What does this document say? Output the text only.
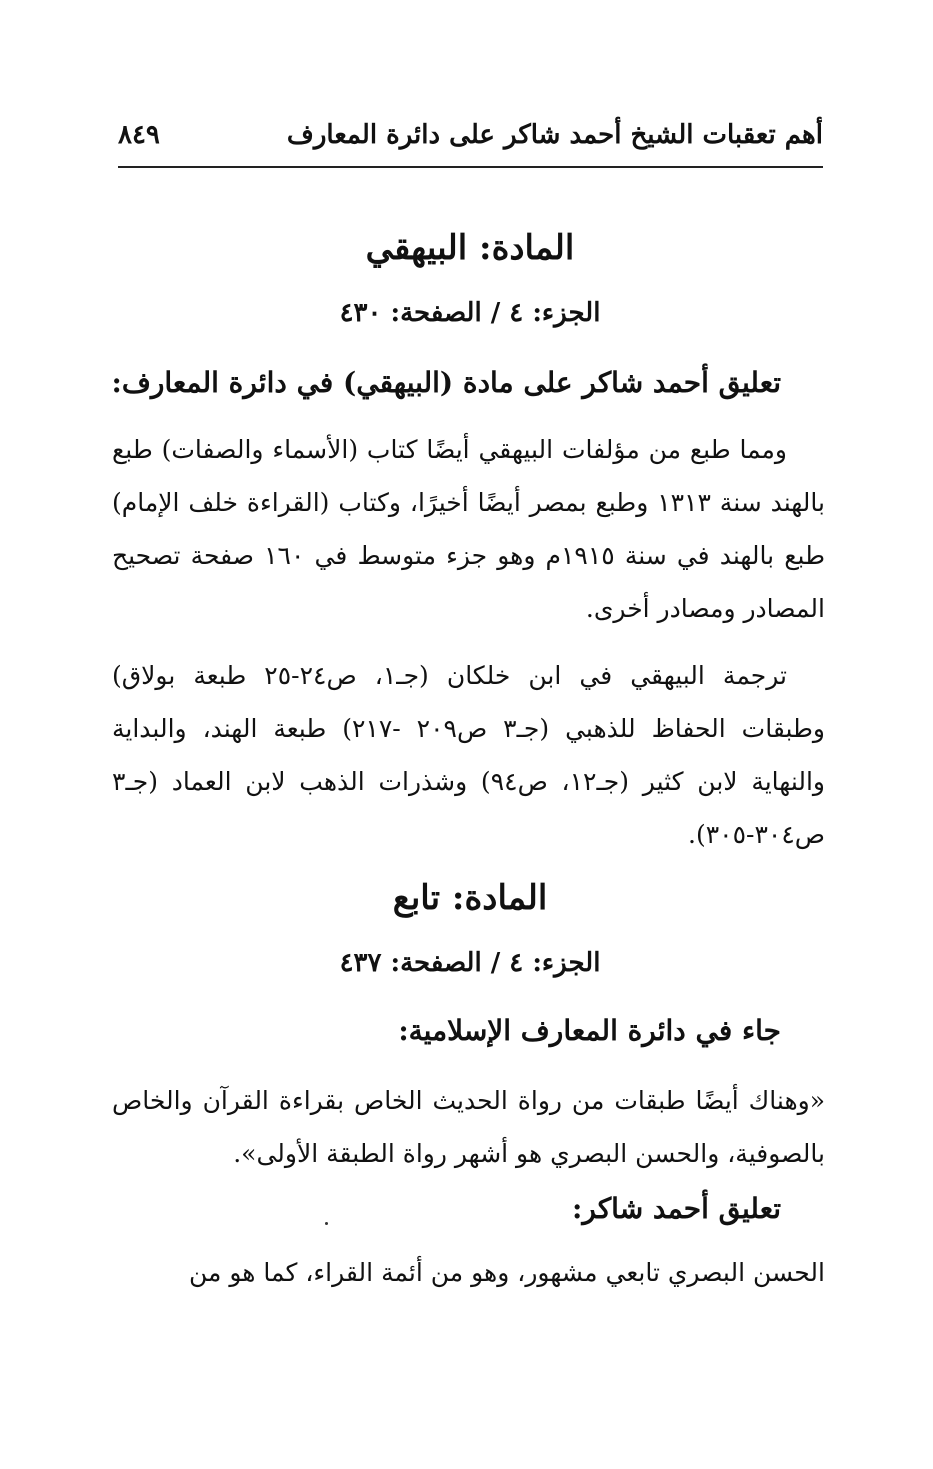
أهم تعقبات الشيخ أحمد شاكر على دائرة المعارف
٨٤٩
المادة: البيهقي
الجزء: ٤ / الصفحة: ٤٣٠
تعليق أحمد شاكر على مادة (البيهقي) في دائرة المعارف:
ومما طبع من مؤلفات البيهقي أيضًا كتاب (الأسماء والصفات) طبع بالهند سنة ١٣١٣ وطبع بمصر أيضًا أخيرًا، وكتاب (القراءة خلف الإمام) طبع بالهند في سنة ١٩١٥م وهو جزء متوسط في ١٦٠ صفحة تصحيح المصادر ومصادر أخرى.
ترجمة البيهقي في ابن خلكان (جـ١، ص٢٤-٢٥ طبعة بولاق) وطبقات الحفاظ للذهبي (جـ٣ ص٢٠٩ -٢١٧) طبعة الهند، والبداية والنهاية لابن كثير (جـ١٢، ص٩٤) وشذرات الذهب لابن العماد (جـ٣ ص٣٠٤-٣٠٥).
المادة: تابع
الجزء: ٤ / الصفحة: ٤٣٧
جاء في دائرة المعارف الإسلامية:
«وهناك أيضًا طبقات من رواة الحديث الخاص بقراءة القرآن والخاص بالصوفية، والحسن البصري هو أشهر رواة الطبقة الأولى».
تعليق أحمد شاكر:
الحسن البصري تابعي مشهور، وهو من أئمة القراء، كما هو من
